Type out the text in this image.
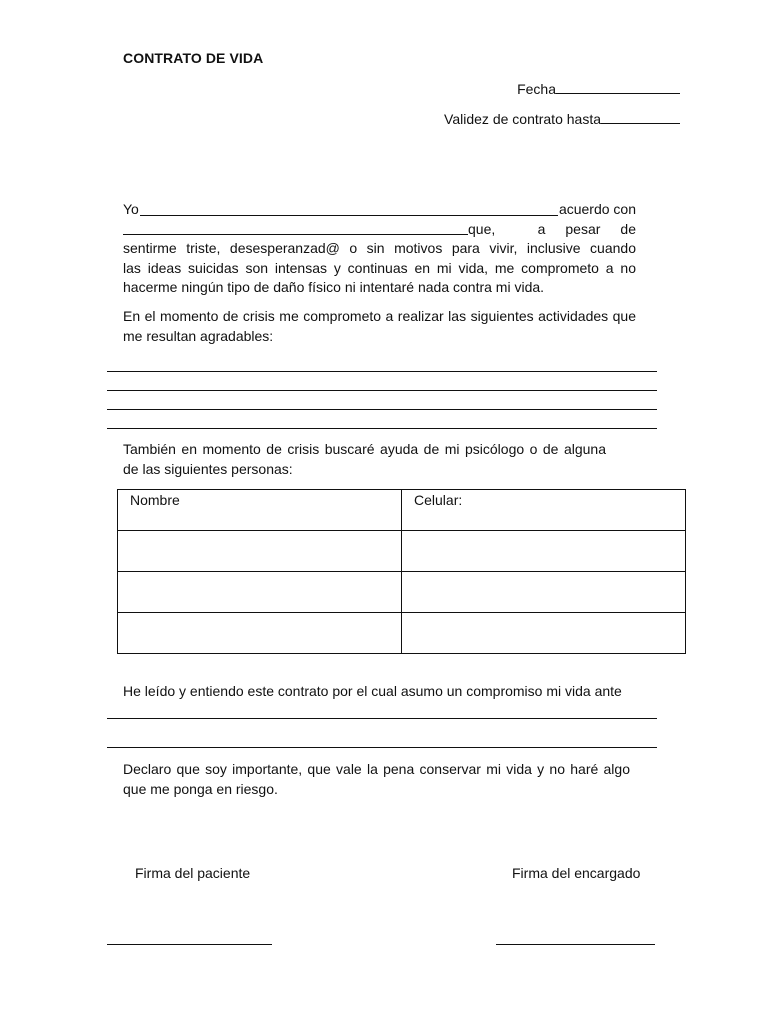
CONTRATO DE VIDA
Fecha
Validez de contrato hasta
Yo	acuerdo con
que,	a pesar de
sentirme triste, desesperanzad@ o sin motivos para vivir, inclusive cuando
las ideas suicidas son intensas y continuas en mi vida, me comprometo a no
hacerme ningún tipo de daño físico ni intentaré nada contra mi vida.
En el momento de crisis me comprometo a realizar las siguientes actividades que me resultan agradables:
También en momento de crisis buscaré ayuda de mi psicólogo o de alguna de las siguientes personas:
Nombre	Celular:

He leído y entiendo este contrato por el cual asumo un compromiso mi vida ante
Declaro que soy importante, que vale la pena conservar mi vida y no haré algo que me ponga en riesgo.
Firma del paciente	Firma del encargado
